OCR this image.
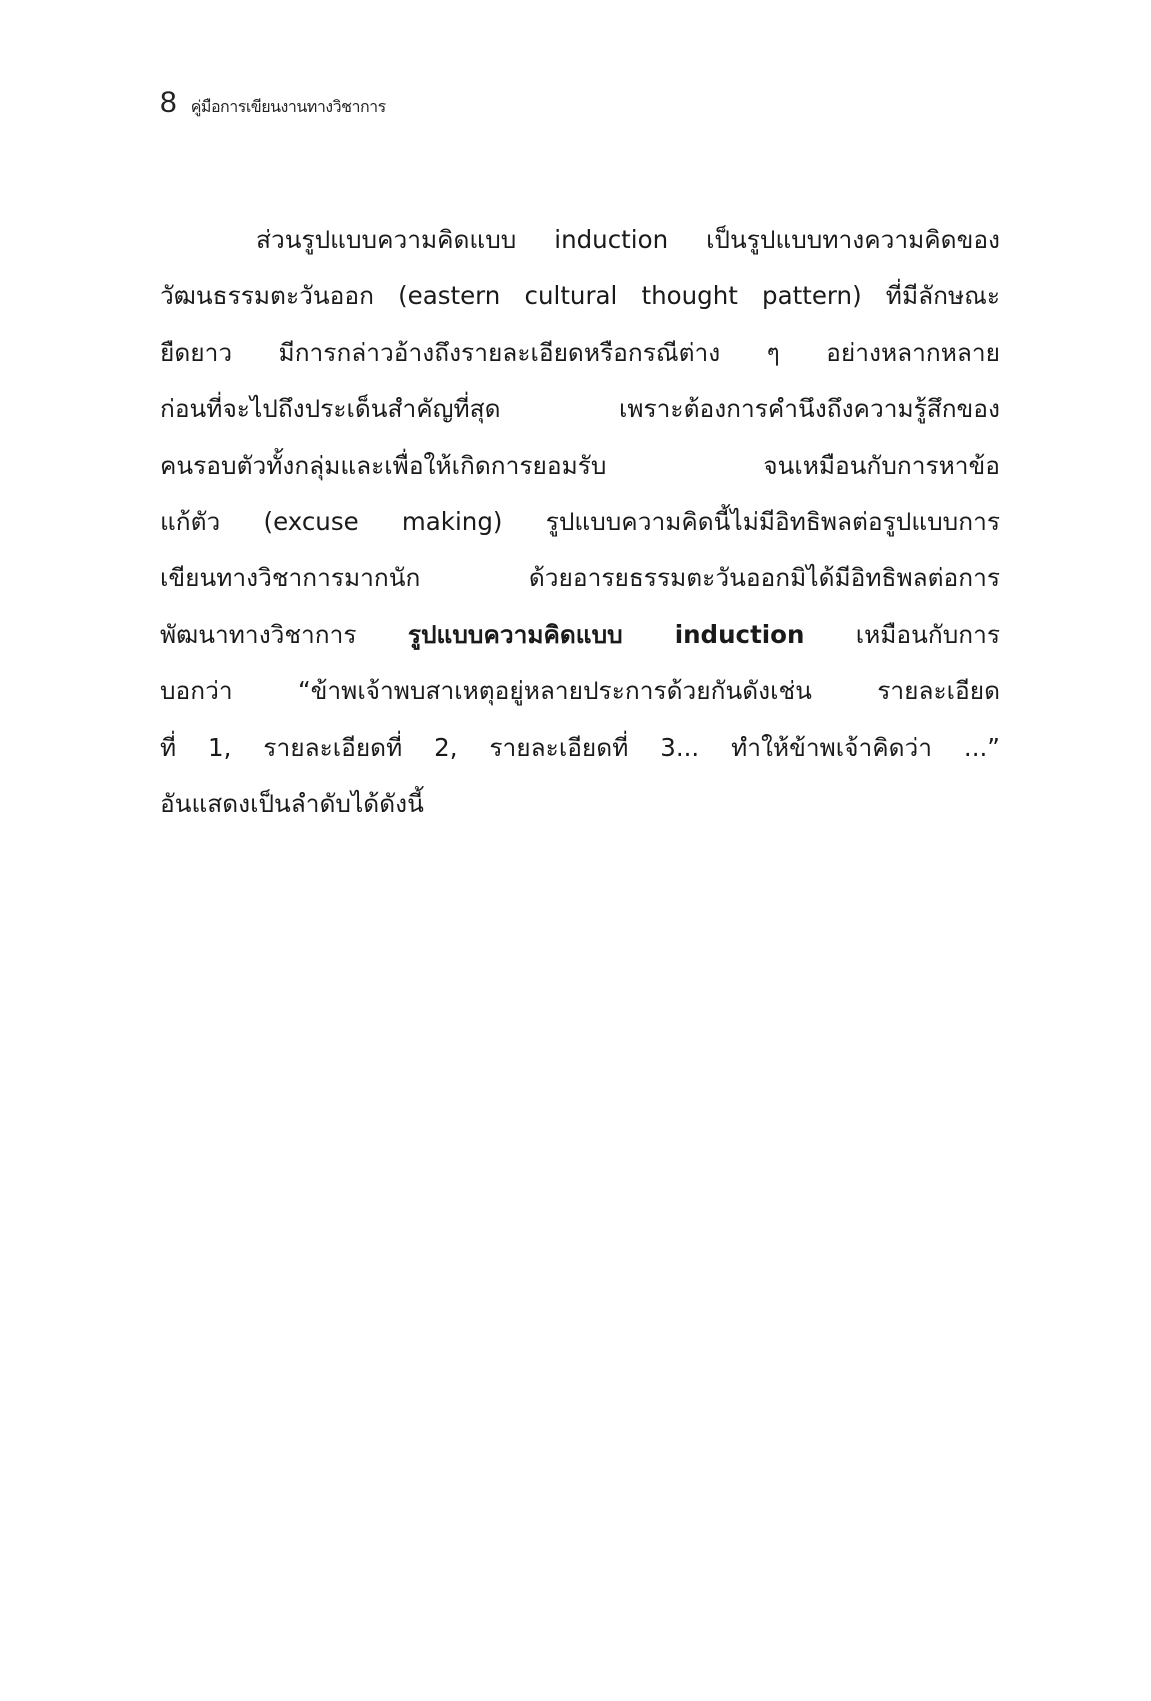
8 คู่มือการเขียนงานทางวิชาการ
ส่วนรูปแบบความคิดแบบ induction เป็นรูปแบบทางความคิดของ
วัฒนธรรมตะวันออก (eastern cultural thought pattern) ที่มีลักษณะ
ยืดยาว มีการกล่าวอ้างถึงรายละเอียดหรือกรณีต่าง ๆ อย่างหลากหลาย
ก่อนที่จะไปถึงประเด็นสำคัญที่สุด เพราะต้องการคำนึงถึงความรู้สึกของ
คนรอบตัวทั้งกลุ่มและเพื่อให้เกิดการยอมรับ จนเหมือนกับการหาข้อ
แก้ตัว (excuse making) รูปแบบความคิดนี้ไม่มีอิทธิพลต่อรูปแบบการ
เขียนทางวิชาการมากนัก ด้วยอารยธรรมตะวันออกมิได้มีอิทธิพลต่อการ
พัฒนาทางวิชาการ รูปแบบความคิดแบบ induction เหมือนกับการ
บอกว่า “ข้าพเจ้าพบสาเหตุอยู่หลายประการด้วยกันดังเช่น รายละเอียด
ที่ 1, รายละเอียดที่ 2, รายละเอียดที่ 3... ทำให้ข้าพเจ้าคิดว่า ...”
อันแสดงเป็นลำดับได้ดังนี้
